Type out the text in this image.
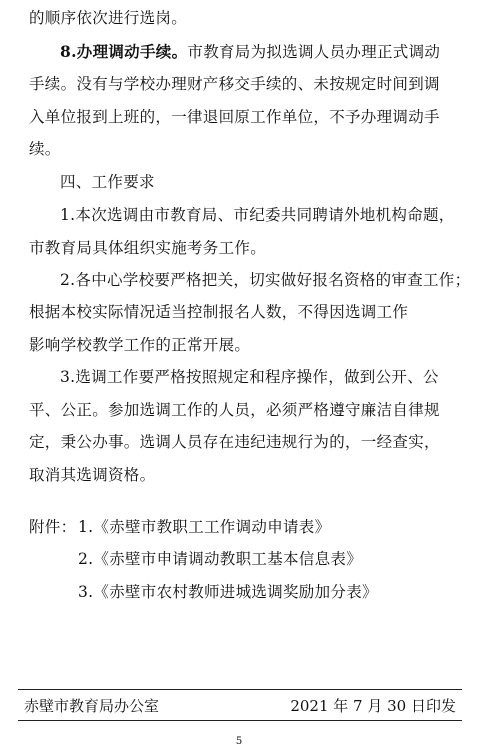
的顺序依次进行选岗。
8.办理调动手续。市教育局为拟选调人员办理正式调动
手续。没有与学校办理财产移交手续的、未按规定时间到调
入单位报到上班的，一律退回原工作单位，不予办理调动手
续。
四、工作要求
1.本次选调由市教育局、市纪委共同聘请外地机构命题，
市教育局具体组织实施考务工作。
2.各中心学校要严格把关，切实做好报名资格的审查工作；
根据本校实际情况适当控制报名人数，不得因选调工作
影响学校教学工作的正常开展。
3.选调工作要严格按照规定和程序操作，做到公开、公
平、公正。参加选调工作的人员，必须严格遵守廉洁自律规
定，秉公办事。选调人员存在违纪违规行为的，一经查实，
取消其选调资格。
附件： 1.《赤壁市教职工工作调动申请表》
2.《赤壁市申请调动教职工基本信息表》
3.《赤壁市农村教师进城选调奖励加分表》
赤壁市教育局办公室	2021 年 7 月 30 日印发
5
